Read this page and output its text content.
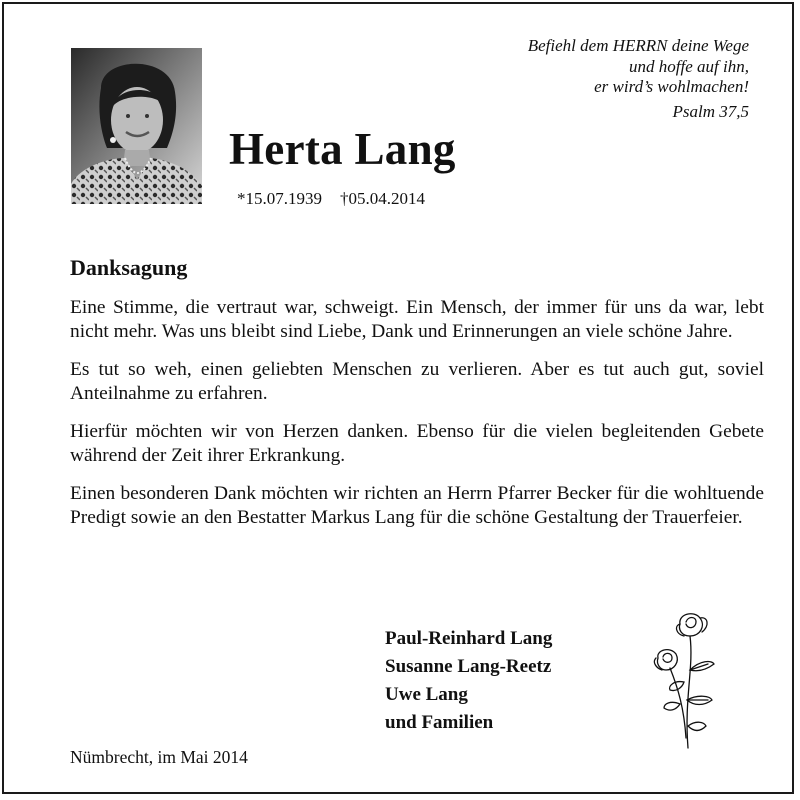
Befiehl dem HERRN deine Wege
und hoffe auf ihn,
er wird’s wohlmachen!
Psalm 37,5
Herta Lang
*15.07.1939 †05.04.2014
Danksagung

Eine Stimme, die vertraut war, schweigt. Ein Mensch, der immer für uns da war, lebt nicht mehr. Was uns bleibt sind Liebe, Dank und Erinnerungen an viele schöne Jahre.

Es tut so weh, einen geliebten Menschen zu verlieren. Aber es tut auch gut, soviel Anteilnahme zu erfahren.

Hierfür möchten wir von Herzen danken. Ebenso für die vielen begleitenden Gebete während der Zeit ihrer Erkrankung.

Einen besonderen Dank möchten wir richten an Herrn Pfarrer Becker für die wohltuende Predigt sowie an den Bestatter Markus Lang für die schöne Gestaltung der Trauerfeier.

Paul-Reinhard Lang
Susanne Lang-Reetz
Uwe Lang
und Familien
Nümbrecht, im Mai 2014
